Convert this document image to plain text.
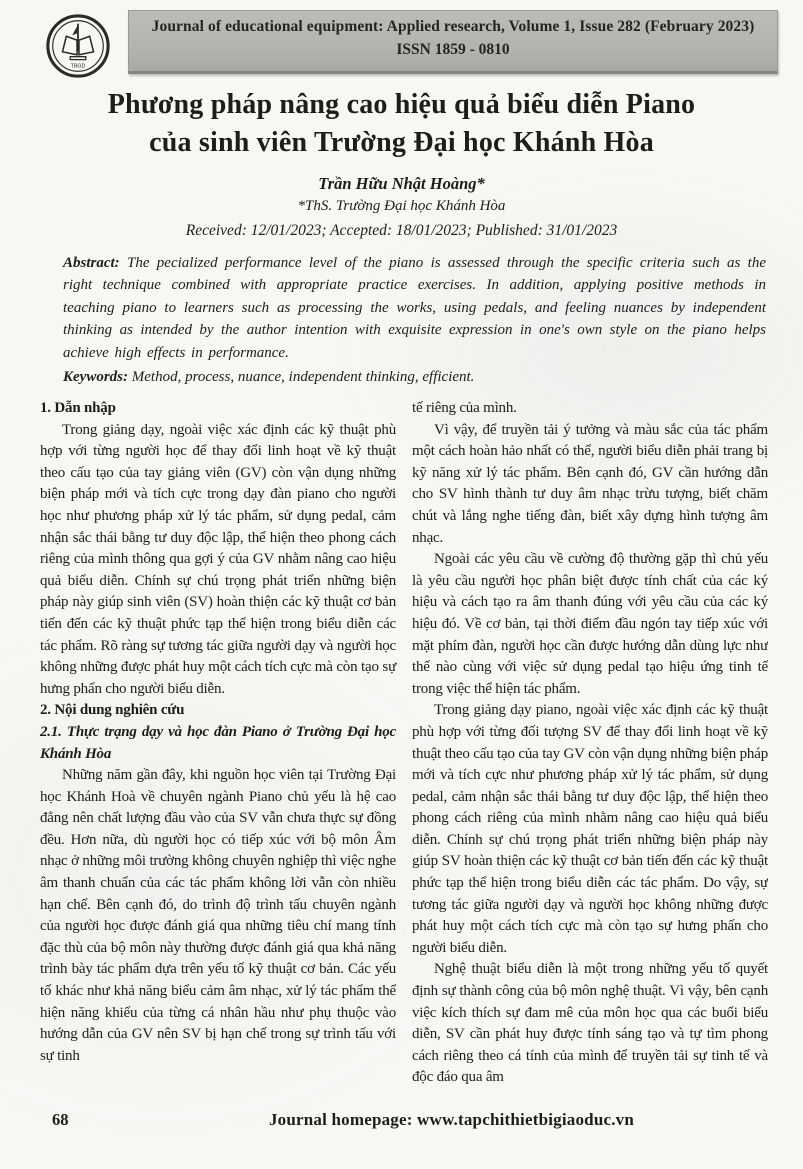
TBGD
Journal of educational equipment: Applied research, Volume 1, Issue 282 (February 2023)
ISSN 1859 - 0810
Phương pháp nâng cao hiệu quả biểu diễn Piano
của sinh viên Trường Đại học Khánh Hòa
Trần Hữu Nhật Hoàng*
*ThS. Trường Đại học Khánh Hòa
Received: 12/01/2023; Accepted: 18/01/2023; Published: 31/01/2023
Abstract: The pecialized performance level of the piano is assessed through the specific criteria such as the right technique combined with appropriate practice exercises. In addition, applying positive methods in teaching piano to learners such as processing the works, using pedals, and feeling nuances by independent thinking as intended by the author intention with exquisite expression in one's own style on the piano helps achieve high effects in performance.
Keywords: Method, process, nuance, independent thinking, efficient.
1. Dẫn nhập
Trong giảng dạy, ngoài việc xác định các kỹ thuật phù hợp với từng người học để thay đổi linh hoạt về kỹ thuật theo cấu tạo của tay giảng viên (GV) còn vận dụng những biện pháp mới và tích cực trong dạy đàn piano cho người học như phương pháp xử lý tác phẩm, sử dụng pedal, cảm nhận sắc thái bằng tư duy độc lập, thể hiện theo phong cách riêng của mình thông qua gợi ý của GV nhằm nâng cao hiệu quả biểu diễn. Chính sự chú trọng phát triển những biện pháp này giúp sinh viên (SV) hoàn thiện các kỹ thuật cơ bản tiến đến các kỹ thuật phức tạp thể hiện trong biểu diễn các tác phẩm. Rõ ràng sự tương tác giữa người dạy và người học không những được phát huy một cách tích cực mà còn tạo sự hưng phấn cho người biểu diễn.
2. Nội dung nghiên cứu
2.1. Thực trạng dạy và học đàn Piano ở Trường Đại học Khánh Hòa
Những năm gần đây, khi nguồn học viên tại Trường Đại học Khánh Hoà về chuyên ngành Piano chủ yếu là hệ cao đẳng nên chất lượng đầu vào của SV vẫn chưa thực sự đồng đều. Hơn nữa, dù người học có tiếp xúc với bộ môn Âm nhạc ở những môi trường không chuyên nghiệp thì việc nghe âm thanh chuẩn của các tác phẩm không lời vẫn còn nhiều hạn chế. Bên cạnh đó, do trình độ trình tấu chuyên ngành của người học được đánh giá qua những tiêu chí mang tính đặc thù của bộ môn này thường được đánh giá qua khả năng trình bày tác phẩm dựa trên yếu tố kỹ thuật cơ bản. Các yếu tố khác như khả năng biểu cảm âm nhạc, xử lý tác phẩm thể hiện năng khiếu của từng cá nhân hầu như phụ thuộc vào hướng dẫn của GV nên SV bị hạn chế trong sự trình tấu với sự tinh
tế riêng của mình.
Vì vậy, để truyền tải ý tưởng và màu sắc của tác phẩm một cách hoàn hảo nhất có thể, người biểu diễn phải trang bị kỹ năng xử lý tác phẩm. Bên cạnh đó, GV cần hướng dẫn cho SV hình thành tư duy âm nhạc trừu tượng, biết chăm chút và lắng nghe tiếng đàn, biết xây dựng hình tượng âm nhạc.
Ngoài các yêu cầu về cường độ thường gặp thì chủ yếu là yêu cầu người học phân biệt được tính chất của các ký hiệu và cách tạo ra âm thanh đúng với yêu cầu của các ký hiệu đó. Về cơ bản, tại thời điểm đầu ngón tay tiếp xúc với mặt phím đàn, người học cần được hướng dẫn dùng lực như thế nào cùng với việc sử dụng pedal tạo hiệu ứng tinh tế trong việc thể hiện tác phẩm.
Trong giảng dạy piano, ngoài việc xác định các kỹ thuật phù hợp với từng đối tượng SV để thay đổi linh hoạt về kỹ thuật theo cấu tạo của tay GV còn vận dụng những biện pháp mới và tích cực như phương pháp xử lý tác phẩm, sử dụng pedal, cảm nhận sắc thái bằng tư duy độc lập, thể hiện theo phong cách riêng của mình nhằm nâng cao hiệu quả biểu diễn. Chính sự chú trọng phát triển những biện pháp này giúp SV hoàn thiện các kỹ thuật cơ bản tiến đến các kỹ thuật phức tạp thể hiện trong biểu diễn các tác phẩm. Do vậy, sự tương tác giữa người dạy và người học không những được phát huy một cách tích cực mà còn tạo sự hưng phấn cho người biểu diễn.
Nghệ thuật biểu diễn là một trong những yếu tố quyết định sự thành công của bộ môn nghệ thuật. Vì vậy, bên cạnh việc kích thích sự đam mê của môn học qua các buổi biểu diễn, SV cần phát huy được tính sáng tạo và tự tìm phong cách riêng theo cá tính của mình để truyền tải sự tinh tế và độc đáo qua âm
68	Journal homepage: www.tapchithietbigiaoduc.vn
